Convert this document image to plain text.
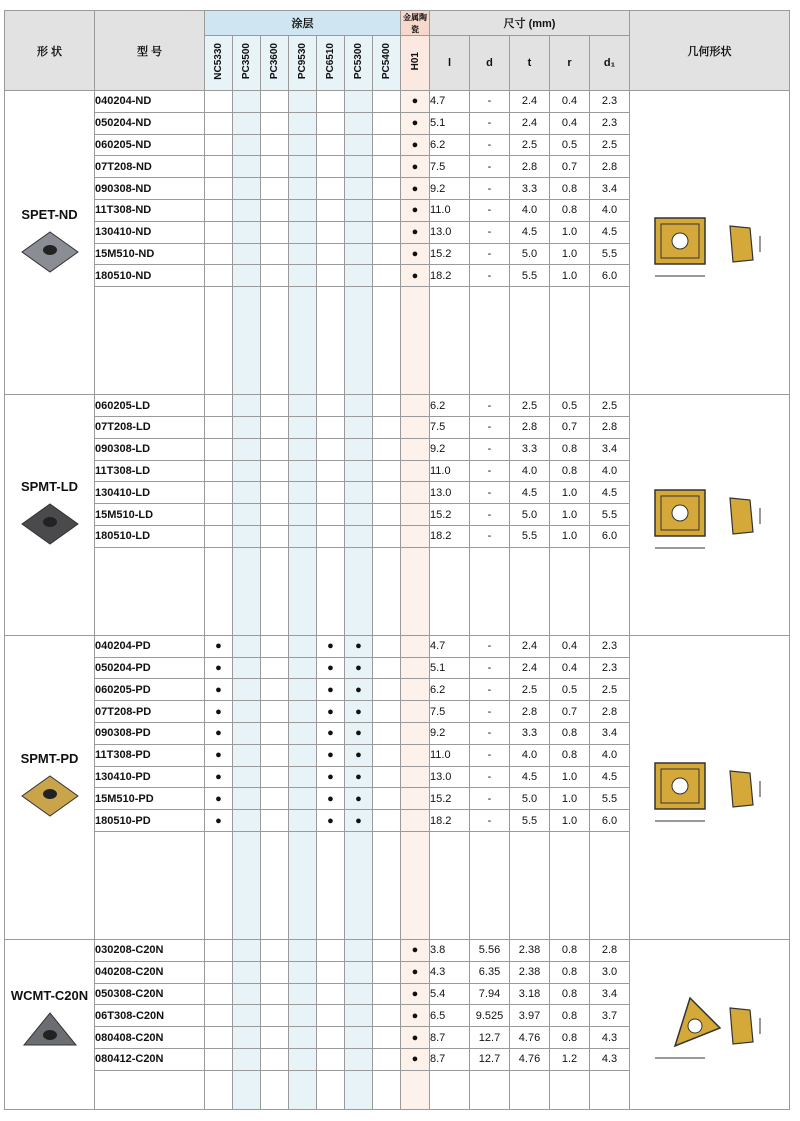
形 状	型 号	涂层							金属陶瓷	尺寸 (mm)					几何形状
		NC5330	PC3500	PC3600	PC9530	PC6510	PC5300	PC5400	H01	l	d	t	r	d₁	

SPET-ND	040204-ND								●	4.7	-	2.4	0.4	2.3	
	050204-ND								●	5.1	-	2.4	0.4	2.3	
	060205-ND								●	6.2	-	2.5	0.5	2.5	
	07T208-ND								●	7.5	-	2.8	0.7	2.8	
	090308-ND								●	9.2	-	3.3	0.8	3.4	
	11T308-ND								●	11.0	-	4.0	0.8	4.0	
	130410-ND								●	13.0	-	4.5	1.0	4.5	
	15M510-ND								●	15.2	-	5.0	1.0	5.5	
	180510-ND								●	18.2	-	5.5	1.0	6.0	

SPMT-LD	060205-LD									6.2	-	2.5	0.5	2.5	
	07T208-LD									7.5	-	2.8	0.7	2.8	
	090308-LD									9.2	-	3.3	0.8	3.4	
	11T308-LD									11.0	-	4.0	0.8	4.0	
	130410-LD									13.0	-	4.5	1.0	4.5	
	15M510-LD									15.2	-	5.0	1.0	5.5	
	180510-LD									18.2	-	5.5	1.0	6.0	

SPMT-PD	040204-PD	●				●	●			4.7	-	2.4	0.4	2.3	
	050204-PD	●				●	●			5.1	-	2.4	0.4	2.3	
	060205-PD	●				●	●			6.2	-	2.5	0.5	2.5	
	07T208-PD	●				●	●			7.5	-	2.8	0.7	2.8	
	090308-PD	●				●	●			9.2	-	3.3	0.8	3.4	
	11T308-PD	●				●	●			11.0	-	4.0	0.8	4.0	
	130410-PD	●				●	●			13.0	-	4.5	1.0	4.5	
	15M510-PD	●				●	●			15.2	-	5.0	1.0	5.5	
	180510-PD	●				●	●			18.2	-	5.5	1.0	6.0	

WCMT-C20N	030208-C20N								●	3.8	5.56	2.38	0.8	2.8	
	040208-C20N								●	4.3	6.35	2.38	0.8	3.0	
	050308-C20N								●	5.4	7.94	3.18	0.8	3.4	
	06T308-C20N								●	6.5	9.525	3.97	0.8	3.7	
	080408-C20N								●	8.7	12.7	4.76	0.8	4.3	
	080412-C20N								●	8.7	12.7	4.76	1.2	4.3	
